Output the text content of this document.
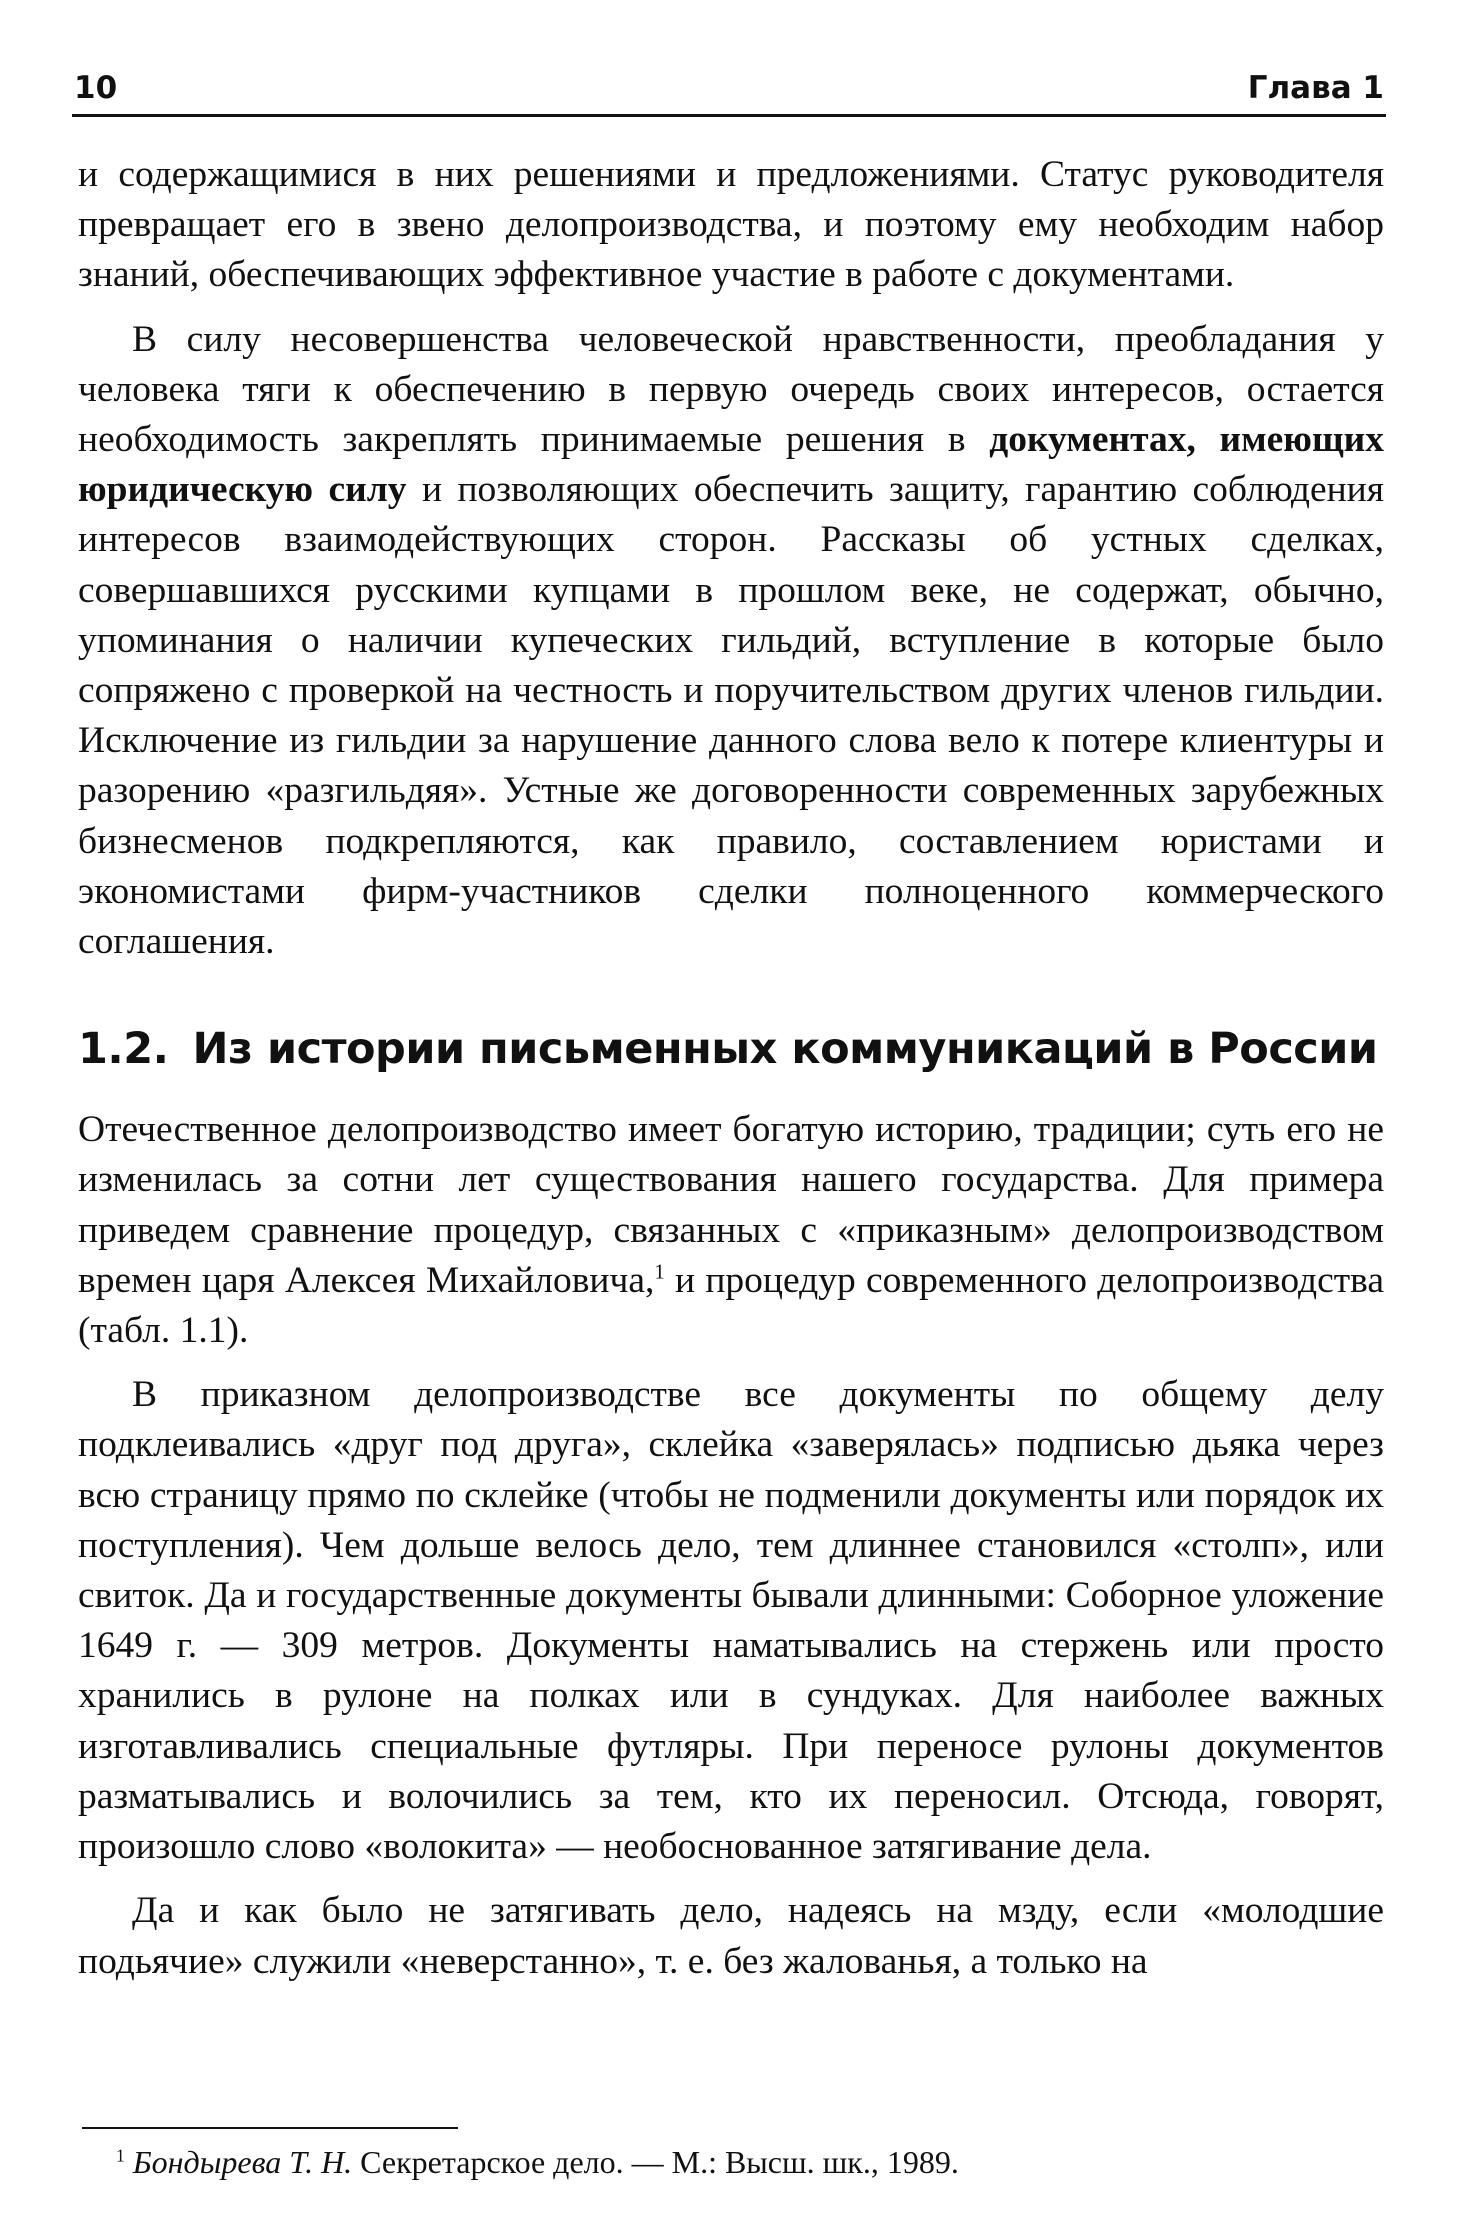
10	Глава 1

и содержащимися в них решениями и предложениями. Статус руководителя превращает его в звено делопроизводства, и поэтому ему необходим набор знаний, обеспечивающих эффективное участие в работе с документами.

В силу несовершенства человеческой нравственности, преобладания у человека тяги к обеспечению в первую очередь своих интересов, остается необходимость закреплять принимаемые решения в документах, имеющих юридическую силу и позволяющих обеспечить защиту, гарантию соблюдения интересов взаимодействующих сторон. Рассказы об устных сделках, совершавшихся русскими купцами в прошлом веке, не содержат, обычно, упоминания о наличии купеческих гильдий, вступление в которые было сопряжено с проверкой на честность и поручительством других членов гильдии. Исключение из гильдии за нарушение данного слова вело к потере клиентуры и разорению «разгильдяя». Устные же договоренности современных зарубежных бизнесменов подкрепляются, как правило, составлением юристами и экономистами фирм-участников сделки полноценного коммерческого соглашения.

1.2. Из истории письменных коммуникаций в России

Отечественное делопроизводство имеет богатую историю, традиции; суть его не изменилась за сотни лет существования нашего государства. Для примера приведем сравнение процедур, связанных с «приказным» делопроизводством времен царя Алексея Михайловича,$^1$ и процедур современного делопроизводства (табл. 1.1).

В приказном делопроизводстве все документы по общему делу подклеивались «друг под друга», склейка «заверялась» подписью дьяка через всю страницу прямо по склейке (чтобы не подменили документы или порядок их поступления). Чем дольше велось дело, тем длиннее становился «столп», или свиток. Да и государственные документы бывали длинными: Соборное уложение 1649 г. — 309 метров. Документы наматывались на стержень или просто хранились в рулоне на полках или в сундуках. Для наиболее важных изготавливались специальные футляры. При переносе рулоны документов разматывались и волочились за тем, кто их переносил. Отсюда, говорят, произошло слово «волокита» — необоснованное затягивание дела.

Да и как было не затягивать дело, надеясь на мзду, если «молодшие подьячие» служили «неверстанно», т. е. без жалованья, а только на

$^1$ Бондырева Т. Н. Секретарское дело. — М.: Высш. шк., 1989.
